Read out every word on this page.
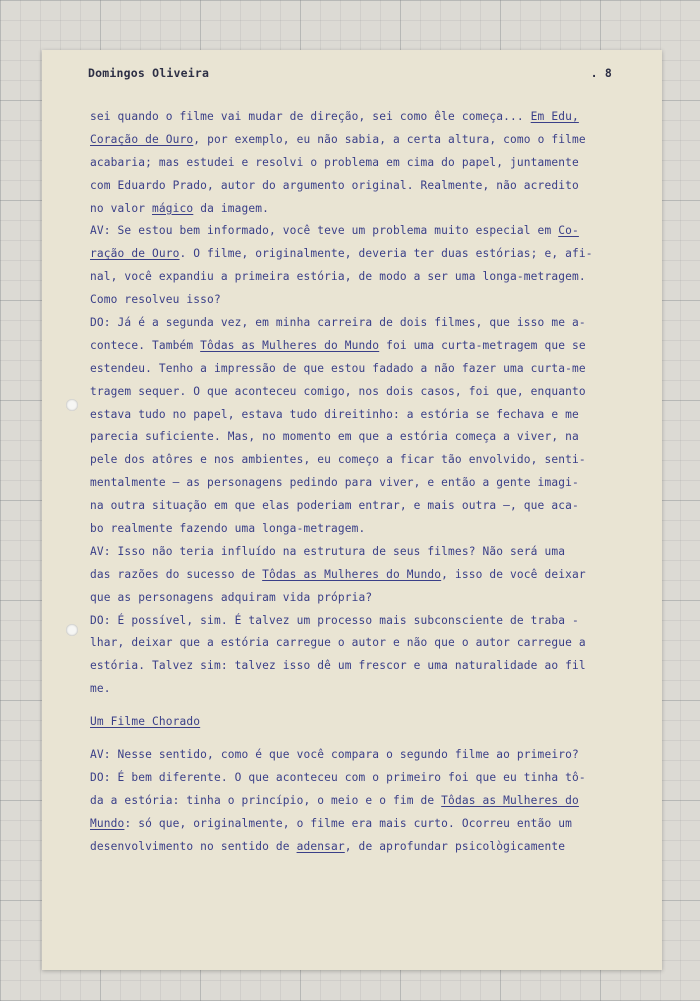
Domingos Oliveira	. 8
sei quando o filme vai mudar de direção, sei como êle começa... Em Edu,
Coração de Ouro, por exemplo, eu não sabia, a certa altura, como o filme
acabaria; mas estudei e resolvi o problema em cima do papel, juntamente
com Eduardo Prado, autor do argumento original. Realmente, não acredito
no valor mágico da imagem.
AV: Se estou bem informado, você teve um problema muito especial em Co-
ração de Ouro. O filme, originalmente, deveria ter duas estórias; e, afi-
nal, você expandiu a primeira estória, de modo a ser uma longa-metragem.
Como resolveu isso?
DO: Já é a segunda vez, em minha carreira de dois filmes, que isso me a-
contece. Também Tôdas as Mulheres do Mundo foi uma curta-metragem que se
estendeu. Tenho a impressão de que estou fadado a não fazer uma curta-me
tragem sequer. O que aconteceu comigo, nos dois casos, foi que, enquanto
estava tudo no papel, estava tudo direitinho: a estória se fechava e me
parecia suficiente. Mas, no momento em que a estória começa a viver, na
pele dos atôres e nos ambientes, eu começo a ficar tão envolvido, senti-
mentalmente — as personagens pedindo para viver, e então a gente imagi-
na outra situação em que elas poderiam entrar, e mais outra —, que aca-
bo realmente fazendo uma longa-metragem.
AV: Isso não teria influído na estrutura de seus filmes? Não será uma
das razões do sucesso de Tôdas as Mulheres do Mundo, isso de você deixar
que as personagens adquiram vida própria?
DO: É possível, sim. É talvez um processo mais subconsciente de traba -
lhar, deixar que a estória carregue o autor e não que o autor carregue a
estória. Talvez sim: talvez isso dê um frescor e uma naturalidade ao fil
me.
Um Filme Chorado
AV: Nesse sentido, como é que você compara o segundo filme ao primeiro?
DO: É bem diferente. O que aconteceu com o primeiro foi que eu tinha tô-
da a estória: tinha o princípio, o meio e o fim de Tôdas as Mulheres do
Mundo: só que, originalmente, o filme era mais curto. Ocorreu então um
desenvolvimento no sentido de adensar, de aprofundar psicològicamente
